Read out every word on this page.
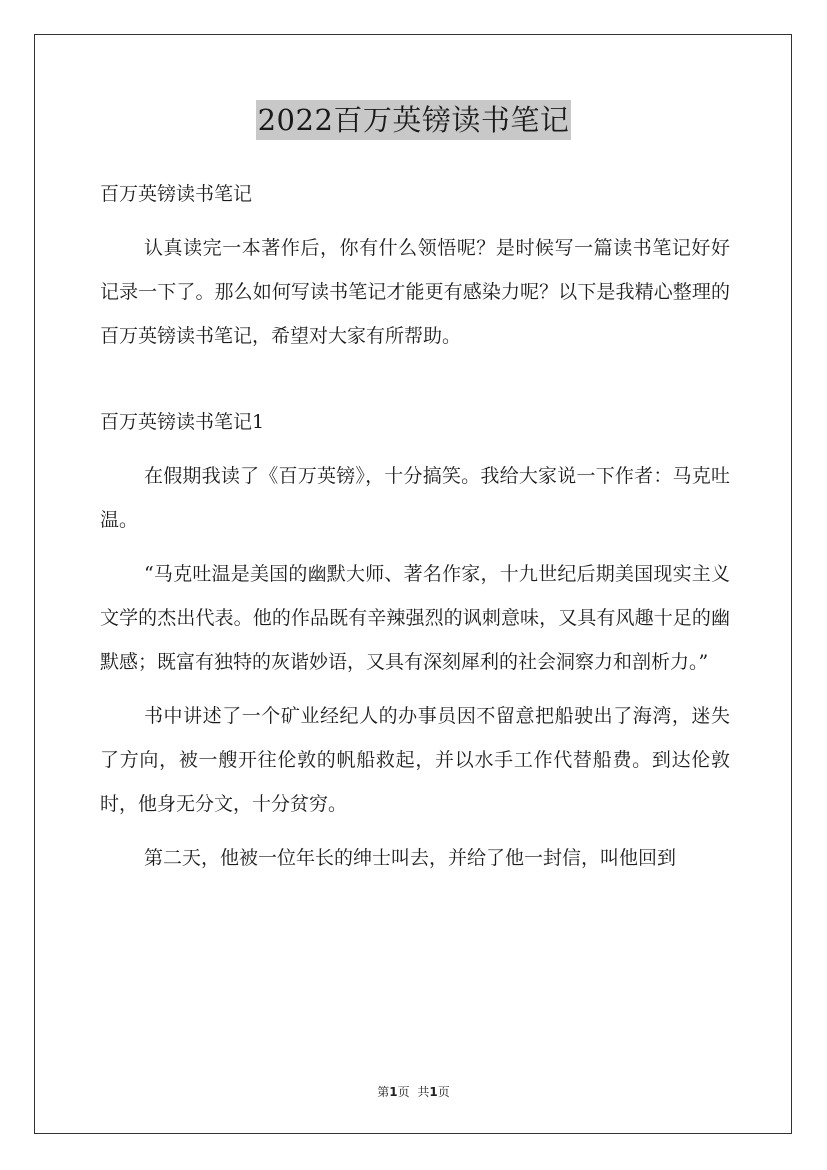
2022百万英镑读书笔记

百万英镑读书笔记

认真读完一本著作后，你有什么领悟呢？是时候写一篇读书笔记好好记录一下了。那么如何写读书笔记才能更有感染力呢？以下是我精心整理的百万英镑读书笔记，希望对大家有所帮助。

百万英镑读书笔记1

在假期我读了《百万英镑》，十分搞笑。我给大家说一下作者：马克吐温。

“马克吐温是美国的幽默大师、著名作家，十九世纪后期美国现实主义文学的杰出代表。他的作品既有辛辣强烈的讽刺意味，又具有风趣十足的幽默感；既富有独特的灰谐妙语，又具有深刻犀利的社会洞察力和剖析力。”

书中讲述了一个矿业经纪人的办事员因不留意把船驶出了海湾，迷失了方向，被一艘开往伦敦的帆船救起，并以水手工作代替船费。到达伦敦时，他身无分文，十分贫穷。

第二天，他被一位年长的绅士叫去，并给了他一封信，叫他回到

第1页 共1页
